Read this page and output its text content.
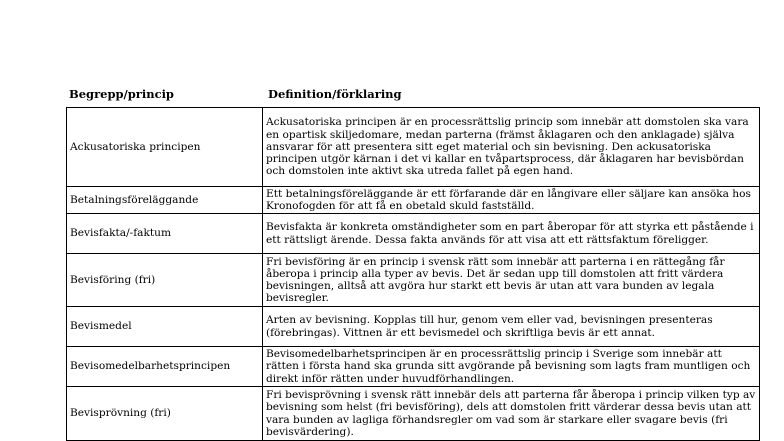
Begrepp/princip	Definition/förklaring
Ackusatoriska principen	Ackusatoriska principen är en processrättslig princip som innebär att domstolen ska vara en opartisk skiljedomare, medan parterna (främst åklagaren och den anklagade) själva ansvarar för att presentera sitt eget material och sin bevisning. Den ackusatoriska principen utgör kärnan i det vi kallar en tvåpartsprocess, där åklagaren har bevisbördan och domstolen inte aktivt ska utreda fallet på egen hand.
Betalningsföreläggande	Ett betalningsföreläggande är ett förfarande där en långivare eller säljare kan ansöka hos Kronofogden för att få en obetald skuld fastställd.
Bevisfakta/-faktum	Bevisfakta är konkreta omständigheter som en part åberopar för att styrka ett påstående i ett rättsligt ärende. Dessa fakta används för att visa att ett rättsfaktum föreligger.
Bevisföring (fri)	Fri bevisföring är en princip i svensk rätt som innebär att parterna i en rättegång får åberopa i princip alla typer av bevis. Det är sedan upp till domstolen att fritt värdera bevisningen, alltså att avgöra hur starkt ett bevis är utan att vara bunden av legala bevisregler.
Bevismedel	Arten av bevisning. Kopplas till hur, genom vem eller vad, bevisningen presenteras (förebringas). Vittnen är ett bevismedel och skriftliga bevis är ett annat.
Bevisomedelbarhetsprincipen	Bevisomedelbarhetsprincipen är en processrättslig princip i Sverige som innebär att rätten i första hand ska grunda sitt avgörande på bevisning som lagts fram muntligen och direkt inför rätten under huvudförhandlingen.
Bevisprövning (fri)	Fri bevisprövning i svensk rätt innebär dels att parterna får åberopa i princip vilken typ av bevisning som helst (fri bevisföring), dels att domstolen fritt värderar dessa bevis utan att vara bunden av lagliga förhandsregler om vad som är starkare eller svagare bevis (fri bevisvärdering).
